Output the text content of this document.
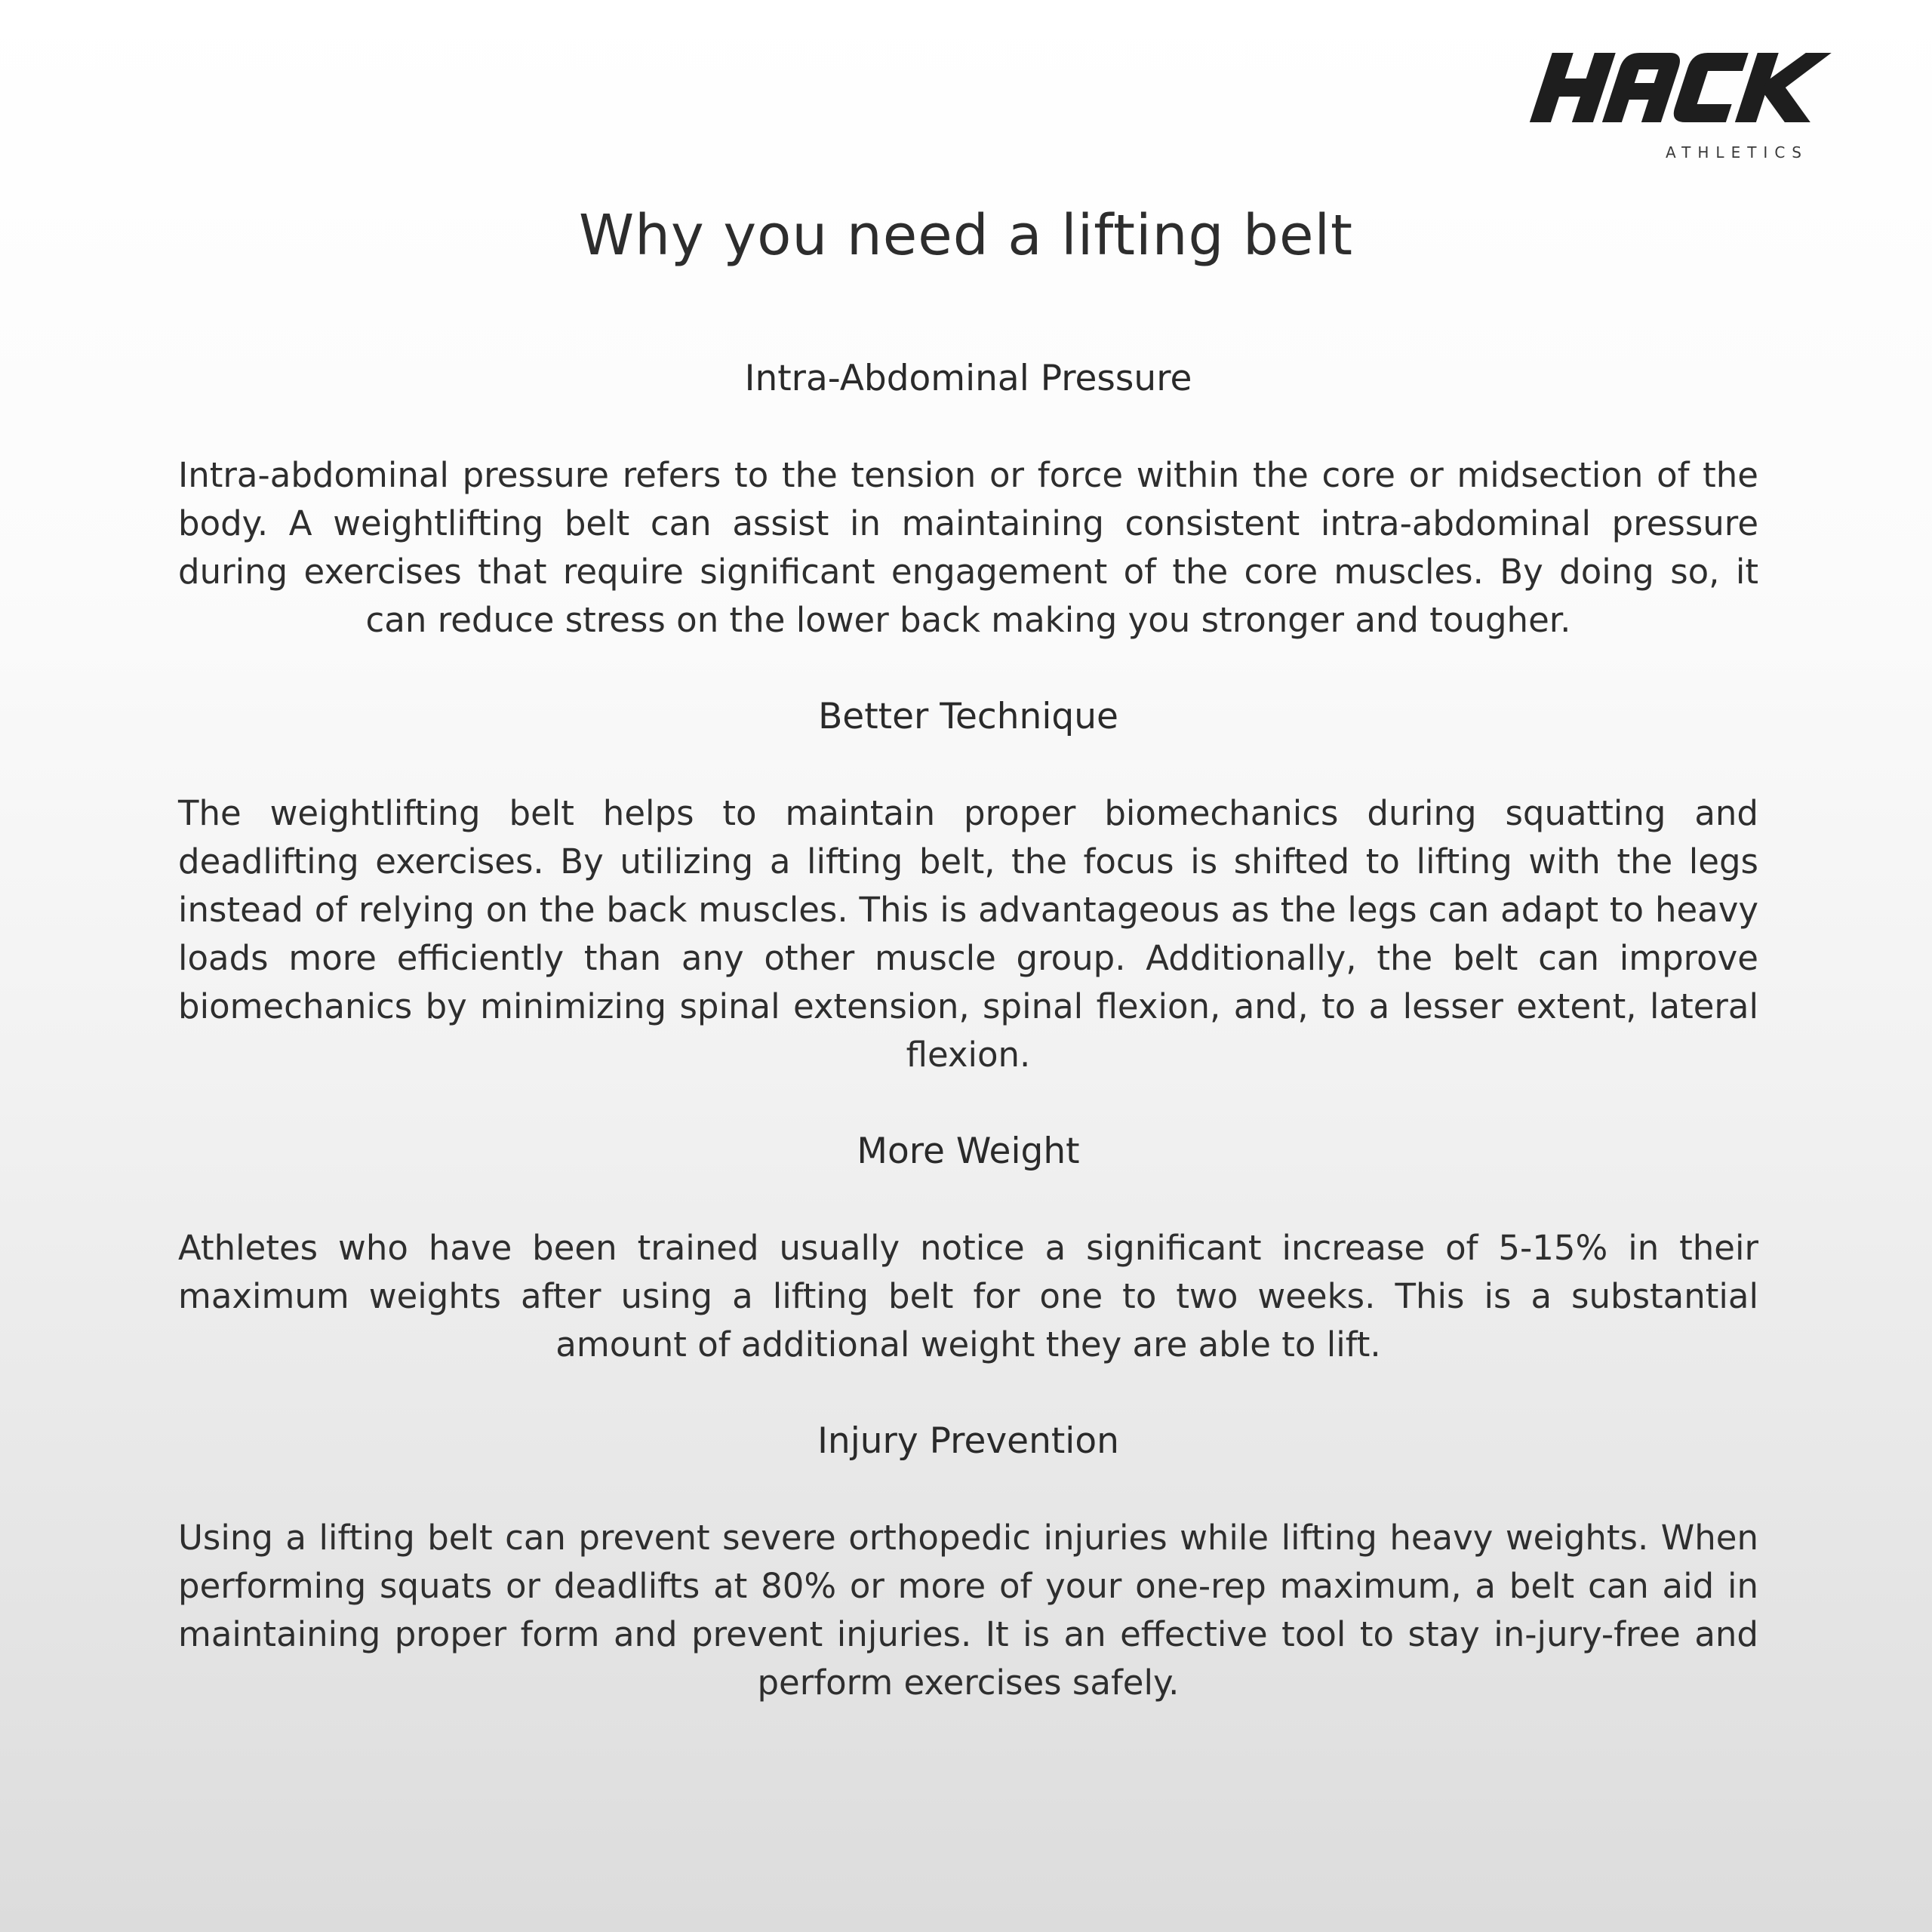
ATHLETICS
Why you need a lifting belt
Intra-Abdominal Pressure

Intra-abdominal pressure refers to the tension or force within the core or midsection of the body. A weightlifting belt can assist in maintaining consistent intra-abdominal pressure during exercises that require significant engagement of the core muscles. By doing so, it can reduce stress on the lower back making you stronger and tougher.

Better Technique

The weightlifting belt helps to maintain proper biomechanics during squatting and deadlifting exercises. By utilizing a lifting belt, the focus is shifted to lifting with the legs instead of relying on the back muscles. This is advantageous as the legs can adapt to heavy loads more efficiently than any other muscle group. Additionally, the belt can improve biomechanics by minimizing spinal extension, spinal flexion, and, to a lesser extent, lateral flexion.

More Weight

Athletes who have been trained usually notice a significant increase of 5-15% in their maximum weights after using a lifting belt for one to two weeks. This is a substantial amount of additional weight they are able to lift.

Injury Prevention

Using a lifting belt can prevent severe orthopedic injuries while lifting heavy weights. When performing squats or deadlifts at 80% or more of your one-rep maximum, a belt can aid in maintaining proper form and prevent injuries. It is an effective tool to stay in-jury-free and perform exercises safely.
